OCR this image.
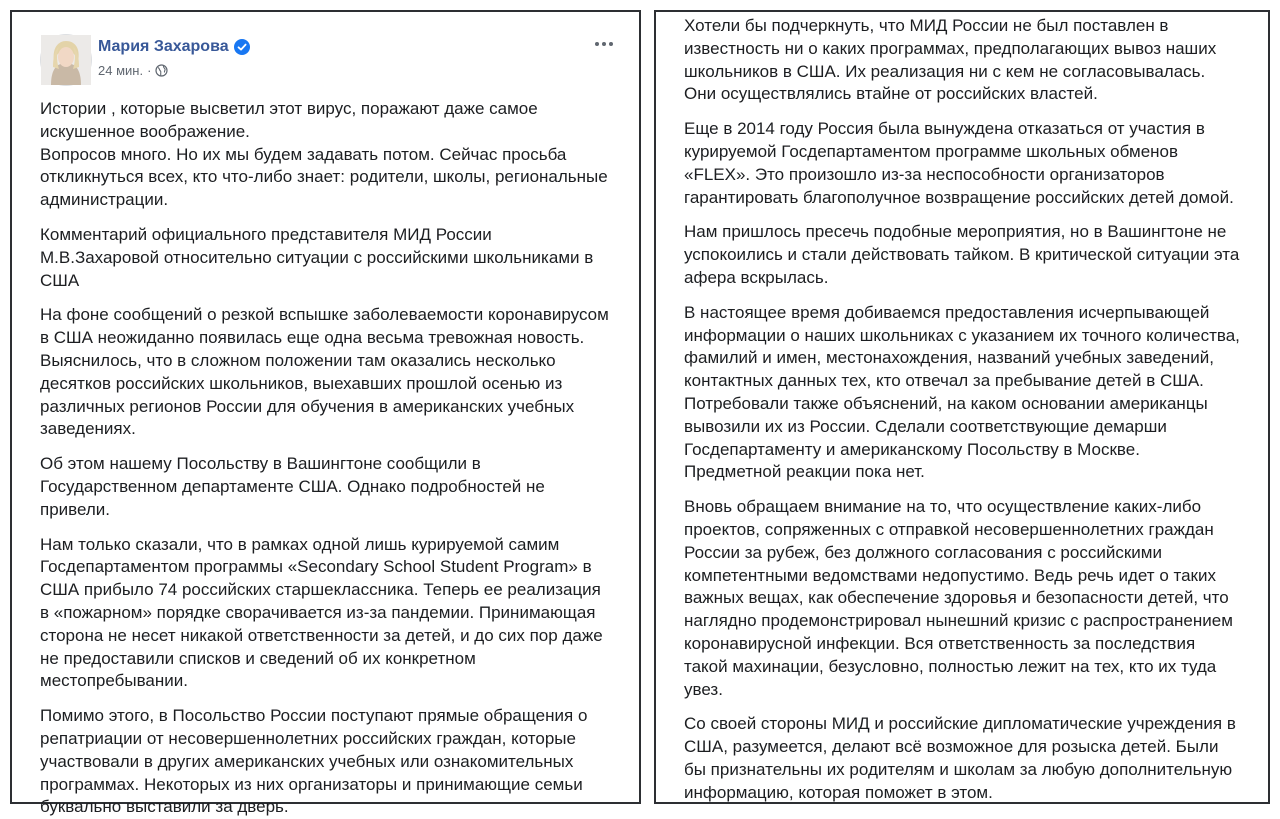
Мария Захарова
24 мин. ·

Истории , которые высветил этот вирус, поражают даже самое искушенное воображение.
Вопросов много. Но их мы будем задавать потом. Сейчас просьба откликнуться всех, кто что-либо знает: родители, школы, региональные администрации.

Комментарий официального представителя МИД России М.В.Захаровой относительно ситуации с российскими школьниками в США

На фоне сообщений о резкой вспышке заболеваемости коронавирусом в США неожиданно появилась еще одна весьма тревожная новость. Выяснилось, что в сложном положении там оказались несколько десятков российских школьников, выехавших прошлой осенью из различных регионов России для обучения в американских учебных заведениях.

Об этом нашему Посольству в Вашингтоне сообщили в Государственном департаменте США. Однако подробностей не привели.

Нам только сказали, что в рамках одной лишь курируемой самим Госдепартаментом программы «Secondary School Student Program» в США прибыло 74 российских старшеклассника. Теперь ее реализация в «пожарном» порядке сворачивается из-за пандемии. Принимающая сторона не несет никакой ответственности за детей, и до сих пор даже не предоставили списков и сведений об их конкретном местопребывании.

Помимо этого, в Посольство России поступают прямые обращения о репатриации от несовершеннолетних российских граждан, которые участвовали в других американских учебных или ознакомительных программах. Некоторых из них организаторы и принимающие семьи буквально выставили за дверь.

Хотели бы подчеркнуть, что МИД России не был поставлен в известность ни о каких программах, предполагающих вывоз наших школьников в США. Их реализация ни с кем не согласовывалась. Они осуществлялись втайне от российских властей.

Еще в 2014 году Россия была вынуждена отказаться от участия в курируемой Госдепартаментом программе школьных обменов «FLEX». Это произошло из-за неспособности организаторов гарантировать благополучное возвращение российских детей домой.

Нам пришлось пресечь подобные мероприятия, но в Вашингтоне не успокоились и стали действовать тайком. В критической ситуации эта афера вскрылась.

В настоящее время добиваемся предоставления исчерпывающей информации о наших школьниках с указанием их точного количества, фамилий и имен, местонахождения, названий учебных заведений, контактных данных тех, кто отвечал за пребывание детей в США. Потребовали также объяснений, на каком основании американцы вывозили их из России. Сделали соответствующие демарши Госдепартаменту и американскому Посольству в Москве. Предметной реакции пока нет.

Вновь обращаем внимание на то, что осуществление каких-либо проектов, сопряженных с отправкой несовершеннолетних граждан России за рубеж, без должного согласования с российскими компетентными ведомствами недопустимо. Ведь речь идет о таких важных вещах, как обеспечение здоровья и безопасности детей, что наглядно продемонстрировал нынешний кризис с распространением коронавирусной инфекции. Вся ответственность за последствия такой махинации, безусловно, полностью лежит на тех, кто их туда увез.

Со своей стороны МИД и российские дипломатические учреждения в США, разумеется, делают всё возможное для розыска детей. Были бы признательны их родителям и школам за любую дополнительную информацию, которая поможет в этом.
